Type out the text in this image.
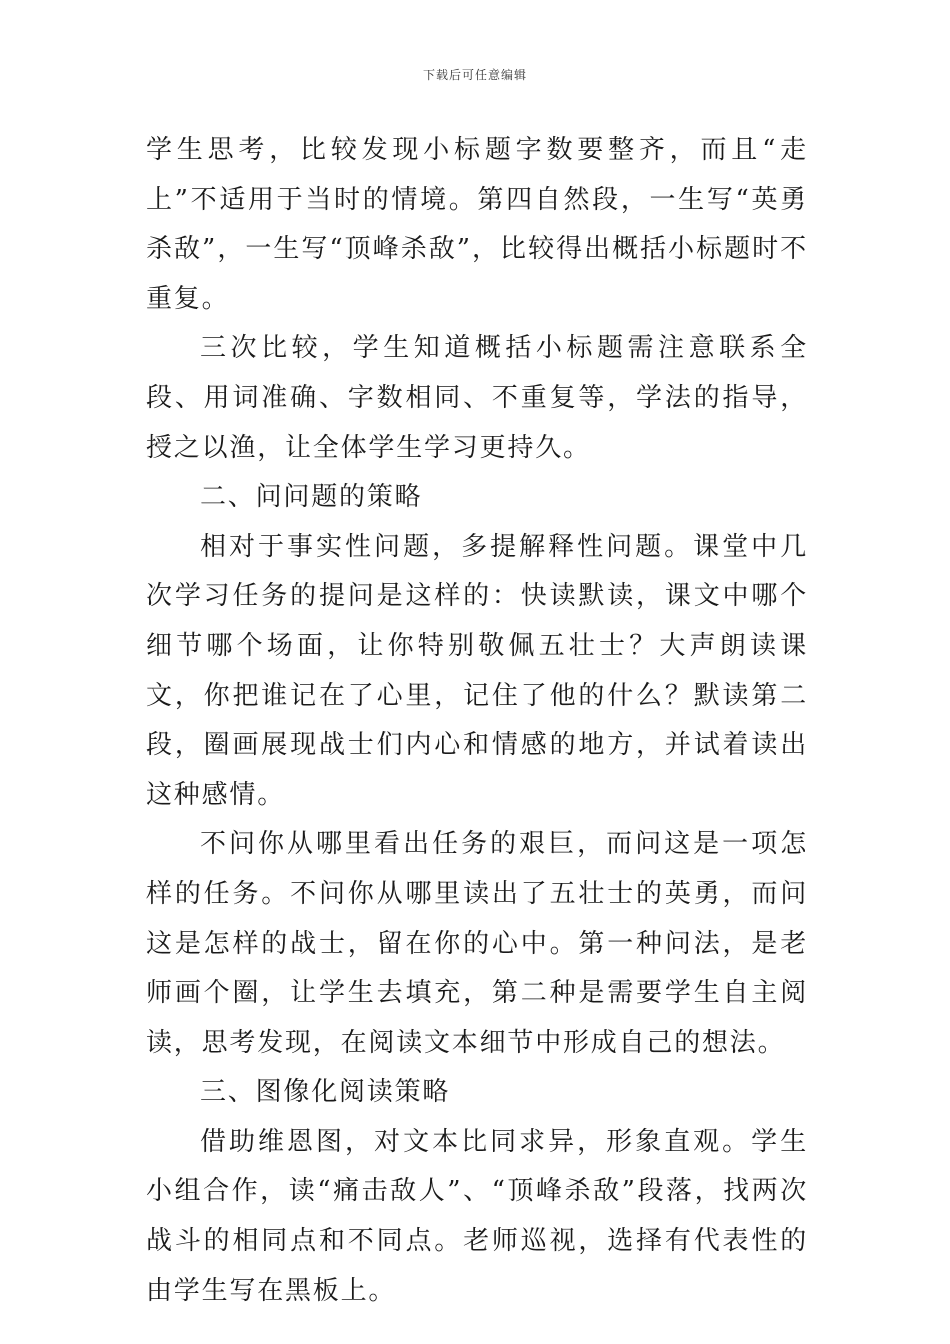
下载后可任意编辑

学生思考，比较发现小标题字数要整齐，而且“走上”不适用于当时的情境。第四自然段，一生写“英勇杀敌”，一生写“顶峰杀敌”，比较得出概括小标题时不重复。

三次比较，学生知道概括小标题需注意联系全段、用词准确、字数相同、不重复等，学法的指导，授之以渔，让全体学生学习更持久。

二、问问题的策略

相对于事实性问题，多提解释性问题。课堂中几次学习任务的提问是这样的：快读默读，课文中哪个细节哪个场面，让你特别敬佩五壮士？大声朗读课文，你把谁记在了心里，记住了他的什么？默读第二段，圈画展现战士们内心和情感的地方，并试着读出这种感情。

不问你从哪里看出任务的艰巨，而问这是一项怎样的任务。不问你从哪里读出了五壮士的英勇，而问这是怎样的战士，留在你的心中。第一种问法，是老师画个圈，让学生去填充，第二种是需要学生自主阅读，思考发现，在阅读文本细节中形成自己的想法。

三、图像化阅读策略

借助维恩图，对文本比同求异，形象直观。学生小组合作，读“痛击敌人”、“顶峰杀敌”段落，找两次战斗的相同点和不同点。老师巡视，选择有代表性的由学生写在黑板上。
